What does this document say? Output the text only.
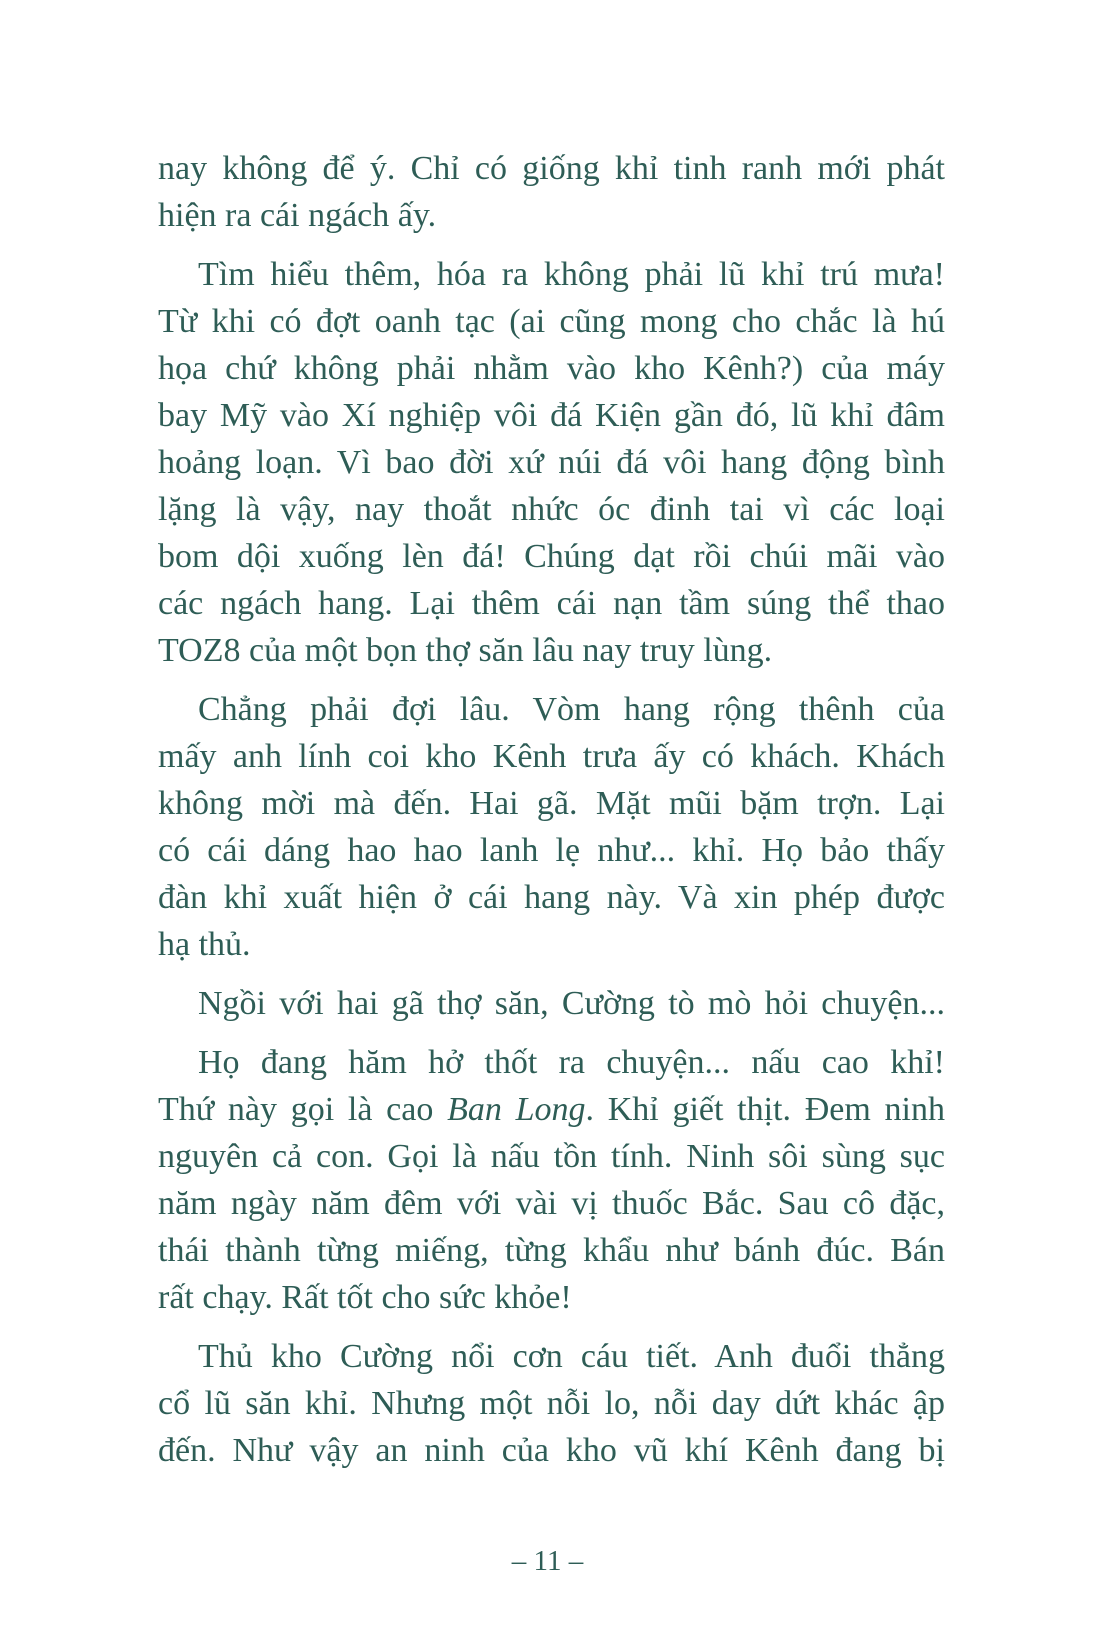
nay không để ý. Chỉ có giống khỉ tinh ranh mới phát
hiện ra cái ngách ấy.

Tìm hiểu thêm, hóa ra không phải lũ khỉ trú mưa!
Từ khi có đợt oanh tạc (ai cũng mong cho chắc là hú
họa chứ không phải nhằm vào kho Kênh?) của máy
bay Mỹ vào Xí nghiệp vôi đá Kiện gần đó, lũ khỉ đâm
hoảng loạn. Vì bao đời xứ núi đá vôi hang động bình
lặng là vậy, nay thoắt nhức óc đinh tai vì các loại
bom dội xuống lèn đá! Chúng dạt rồi chúi mãi vào
các ngách hang. Lại thêm cái nạn tầm súng thể thao
TOZ8 của một bọn thợ săn lâu nay truy lùng.

Chẳng phải đợi lâu. Vòm hang rộng thênh của
mấy anh lính coi kho Kênh trưa ấy có khách. Khách
không mời mà đến. Hai gã. Mặt mũi bặm trợn. Lại
có cái dáng hao hao lanh lẹ như... khỉ. Họ bảo thấy
đàn khỉ xuất hiện ở cái hang này. Và xin phép được
hạ thủ.

Ngồi với hai gã thợ săn, Cường tò mò hỏi chuyện...

Họ đang hăm hở thốt ra chuyện... nấu cao khỉ!
Thứ này gọi là cao Ban Long. Khỉ giết thịt. Đem ninh
nguyên cả con. Gọi là nấu tồn tính. Ninh sôi sùng sục
năm ngày năm đêm với vài vị thuốc Bắc. Sau cô đặc,
thái thành từng miếng, từng khẩu như bánh đúc. Bán
rất chạy. Rất tốt cho sức khỏe!

Thủ kho Cường nổi cơn cáu tiết. Anh đuổi thẳng
cổ lũ săn khỉ. Nhưng một nỗi lo, nỗi day dứt khác ập
đến. Như vậy an ninh của kho vũ khí Kênh đang bị

– 11 –
